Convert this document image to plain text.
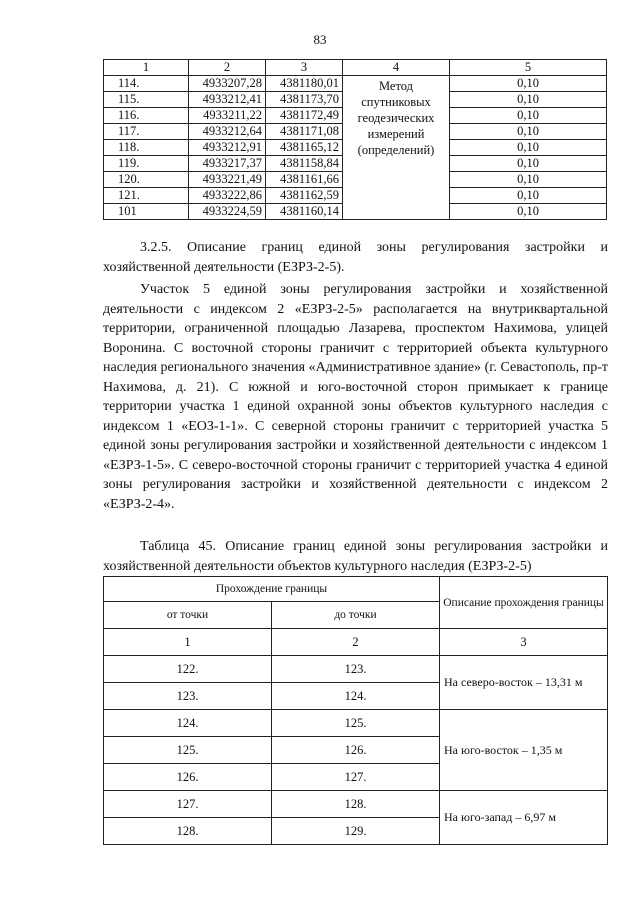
83
1	2	3	4	5
114.	4933207,28	4381180,01	Метод спутниковых геодезических измерений (определений)	0,10
115.	4933212,41	4381173,70		0,10
116.	4933211,22	4381172,49		0,10
117.	4933212,64	4381171,08		0,10
118.	4933212,91	4381165,12		0,10
119.	4933217,37	4381158,84		0,10
120.	4933221,49	4381161,66		0,10
121.	4933222,86	4381162,59		0,10
101	4933224,59	4381160,14		0,10

3.2.5. Описание границ единой зоны регулирования застройки и хозяйственной деятельности (ЕЗРЗ-2-5).

Участок 5 единой зоны регулирования застройки и хозяйственной деятельности с индексом 2 «ЕЗРЗ-2-5» располагается на внутриквартальной территории, ограниченной площадью Лазарева, проспектом Нахимова, улицей Воронина. С восточной стороны граничит с территорией объекта культурного наследия регионального значения «Административное здание» (г. Севастополь, пр-т Нахимова, д. 21). С южной и юго-восточной сторон примыкает к границе территории участка 1 единой охранной зоны объектов культурного наследия с индексом 1 «ЕОЗ-1-1». С северной стороны граничит с территорией участка 5 единой зоны регулирования застройки и хозяйственной деятельности с индексом 1 «ЕЗРЗ-1-5». С северо-восточной стороны граничит с территорией участка 4 единой зоны регулирования застройки и хозяйственной деятельности с индексом 2 «ЕЗРЗ-2-4».

Таблица 45. Описание границ единой зоны регулирования застройки и хозяйственной деятельности объектов культурного наследия (ЕЗРЗ-2-5)

Прохождение границы		Описание прохождения границы
от точки	до точки	
1	2	3
122.	123.	На северо-восток – 13,31 м
123.	124.	
124.	125.	На юго-восток – 1,35 м
125.	126.	
126.	127.	
127.	128.	На юго-запад – 6,97 м
128.	129.	
